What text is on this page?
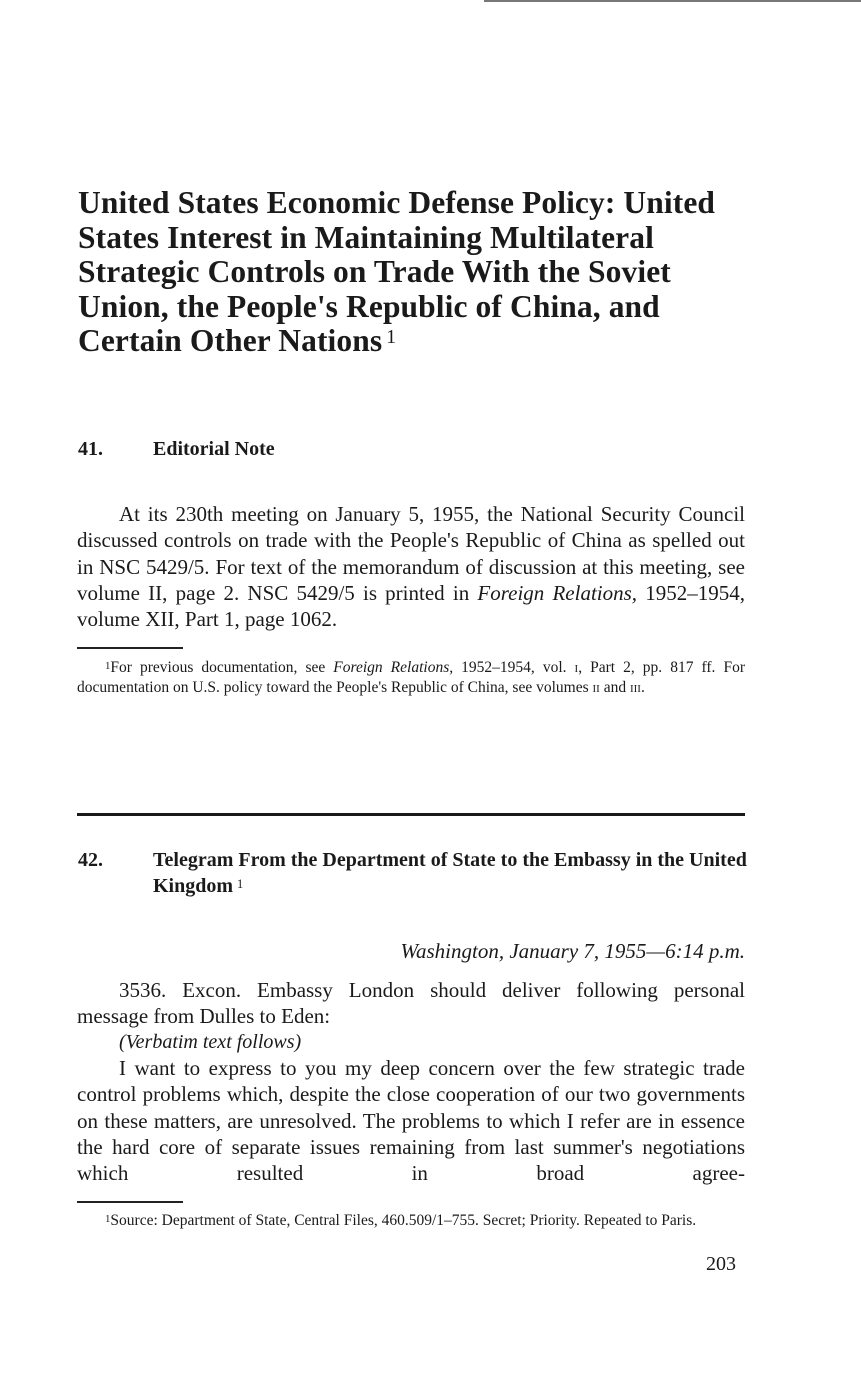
United States Economic Defense Policy: United States Interest in Maintaining Multilateral Strategic Controls on Trade With the Soviet Union, the People's Republic of China, and Certain Other Nations $^1$
41.	Editorial Note

At its 230th meeting on January 5, 1955, the National Security Council discussed controls on trade with the People's Republic of China as spelled out in NSC 5429/5. For text of the memorandum of discussion at this meeting, see volume II, page 2. NSC 5429/5 is printed in Foreign Relations, 1952–1954, volume XII, Part 1, page 1062.

$^1$For previous documentation, see Foreign Relations, 1952–1954, vol. i, Part 2, pp. 817 ff. For documentation on U.S. policy toward the People's Republic of China, see volumes ii and iii.

42.	Telegram From the Department of State to the Embassy in the United Kingdom $^1$
Washington, January 7, 1955—6:14 p.m.

3536. Excon. Embassy London should deliver following personal message from Dulles to Eden:

(Verbatim text follows)

I want to express to you my deep concern over the few strategic trade control problems which, despite the close cooperation of our two governments on these matters, are unresolved. The problems to which I refer are in essence the hard core of separate issues remaining from last summer's negotiations which resulted in broad agree-

$^1$Source: Department of State, Central Files, 460.509/1–755. Secret; Priority. Repeated to Paris.

203
